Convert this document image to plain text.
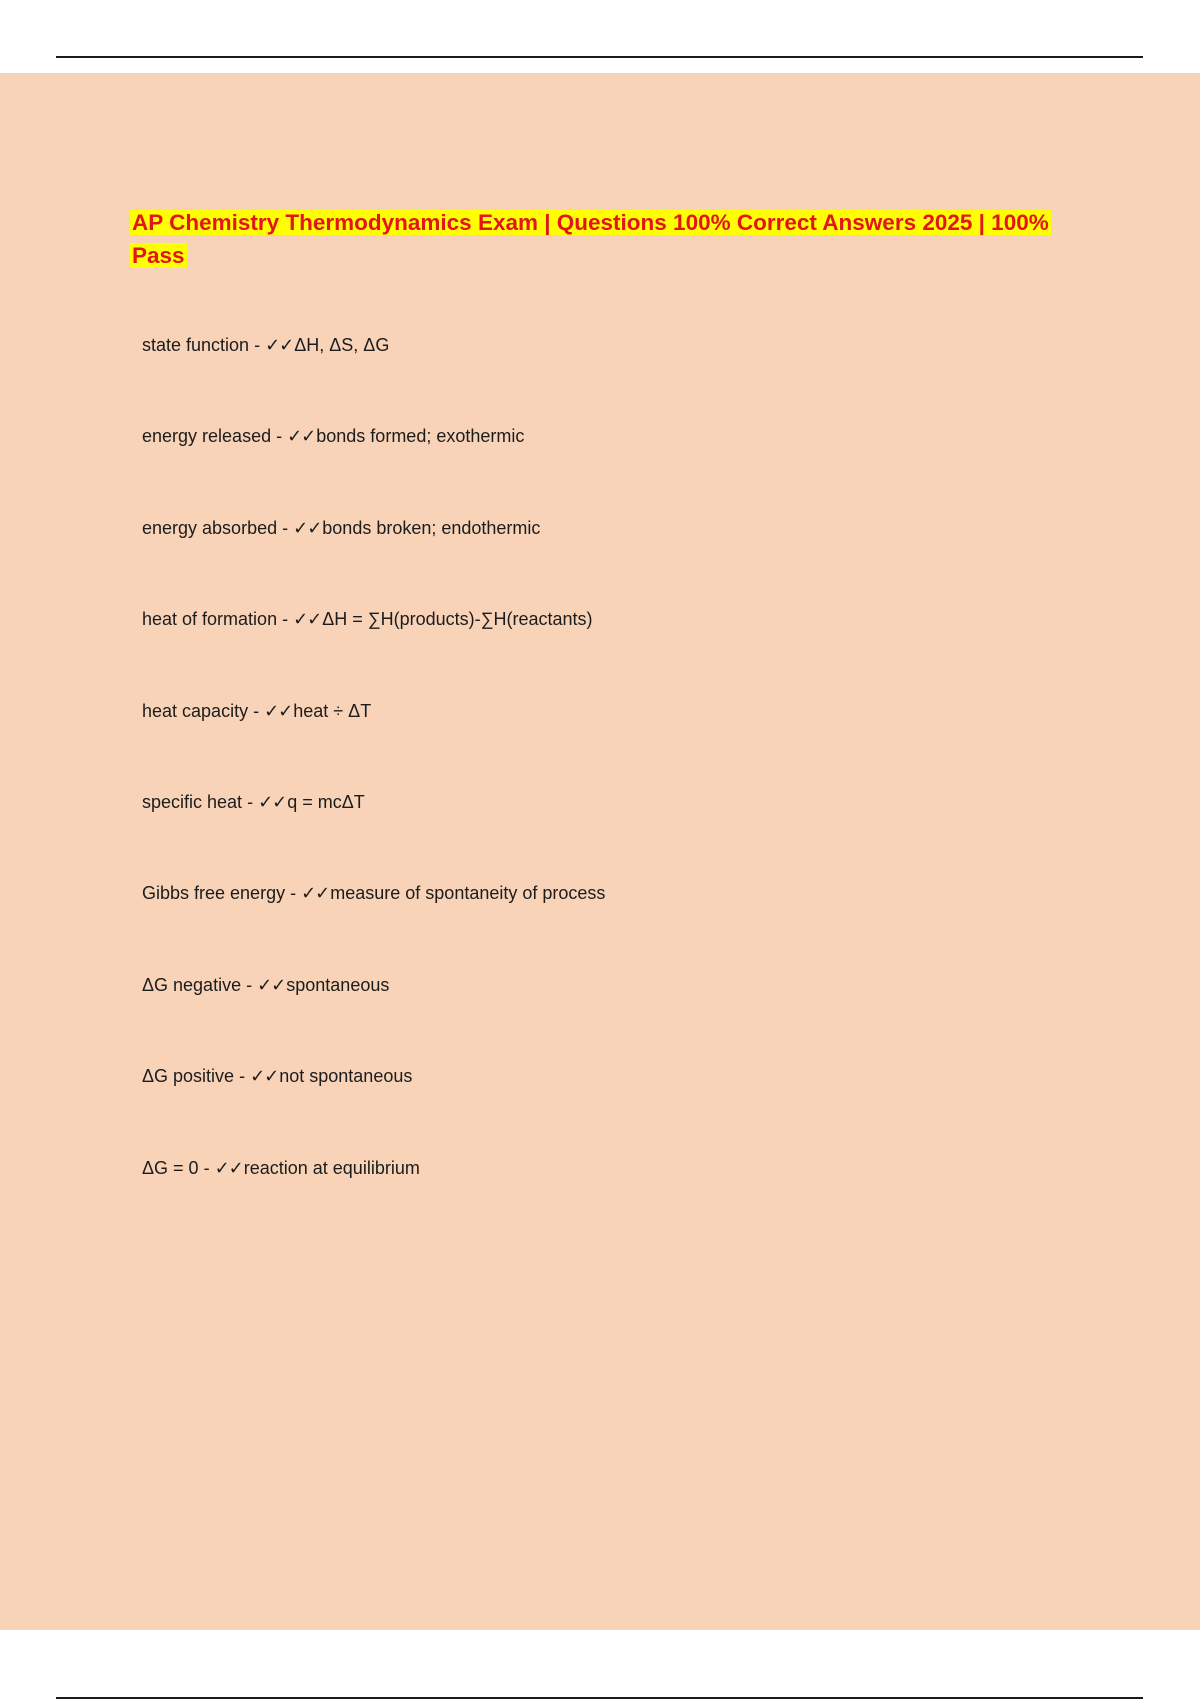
AP Chemistry Thermodynamics Exam | Questions 100% Correct Answers 2025 | 100% Pass
state function - ✓✓ΔH, ΔS, ΔG
energy released - ✓✓bonds formed; exothermic
energy absorbed - ✓✓bonds broken; endothermic
heat of formation - ✓✓ΔH = ∑H(products)-∑H(reactants)
heat capacity - ✓✓heat ÷ ΔT
specific heat - ✓✓q = mcΔT
Gibbs free energy - ✓✓measure of spontaneity of process
ΔG negative - ✓✓spontaneous
ΔG positive - ✓✓not spontaneous
ΔG = 0 - ✓✓reaction at equilibrium
